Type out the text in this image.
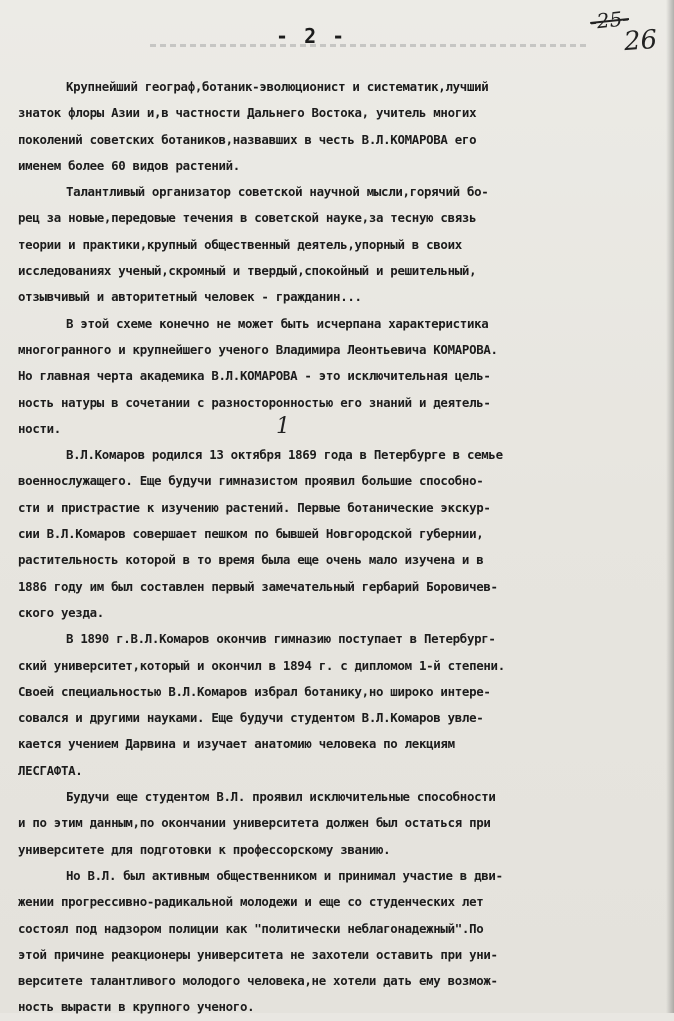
- 2 -
-25-
26
1
Крупнейший географ,ботаник-эволюционист и систематик,лучший
знаток флоры Азии и,в частности Дальнего Востока, учитель многих
поколений советских ботаников,назвавших в честь В.Л.КОМАРОВА его
именем более 60 видов растений.
Талантливый организатор советской научной мысли,горячий бо-
рец за новые,передовые течения в советской науке,за тесную связь
теории и практики,крупный общественный деятель,упорный в своих
исследованиях ученый,скромный и твердый,спокойный и решительный,
отзывчивый и авторитетный человек - гражданин...
В этой схеме конечно не может быть исчерпана характеристика
многогранного и крупнейшего ученого Владимира Леонтьевича КОМАРОВА.
Но главная черта академика В.Л.КОМАРОВА - это исключительная цель-
ность натуры в сочетании с разносторонностью его знаний и деятель-
ности.
В.Л.Комаров родился 13 октября 1869 года в Петербурге в семье
военнослужащего. Еще будучи гимназистом проявил большие способно-
сти и пристрастие к изучению растений. Первые ботанические экскур-
сии В.Л.Комаров совершает пешком по бывшей Новгородской губернии,
растительность которой в то время была еще очень мало изучена и в
1886 году им был составлен первый замечательный гербарий Боровичев-
ского уезда.
В 1890 г.В.Л.Комаров окончив гимназию поступает в Петербург-
ский университет,который и окончил в 1894 г. с дипломом 1-й степени.
Своей специальностью В.Л.Комаров избрал ботанику,но широко интере-
совался и другими науками. Еще будучи студентом В.Л.Комаров увле-
кается учением Дарвина и изучает анатомию человека по лекциям
ЛЕСГАФТА.
Будучи еще студентом В.Л. проявил исключительные способности
и по этим данным,по окончании университета должен был остаться при
университете для подготовки к профессорскому званию.
Но В.Л. был активным общественником и принимал участие в дви-
жении прогрессивно-радикальной молодежи и еще со студенческих лет
состоял под надзором полиции как "политически неблагонадежный".По
этой причине реакционеры университета не захотели оставить при уни-
верситете талантливого молодого человека,не хотели дать ему возмож-
ность вырасти в крупного ученого.
